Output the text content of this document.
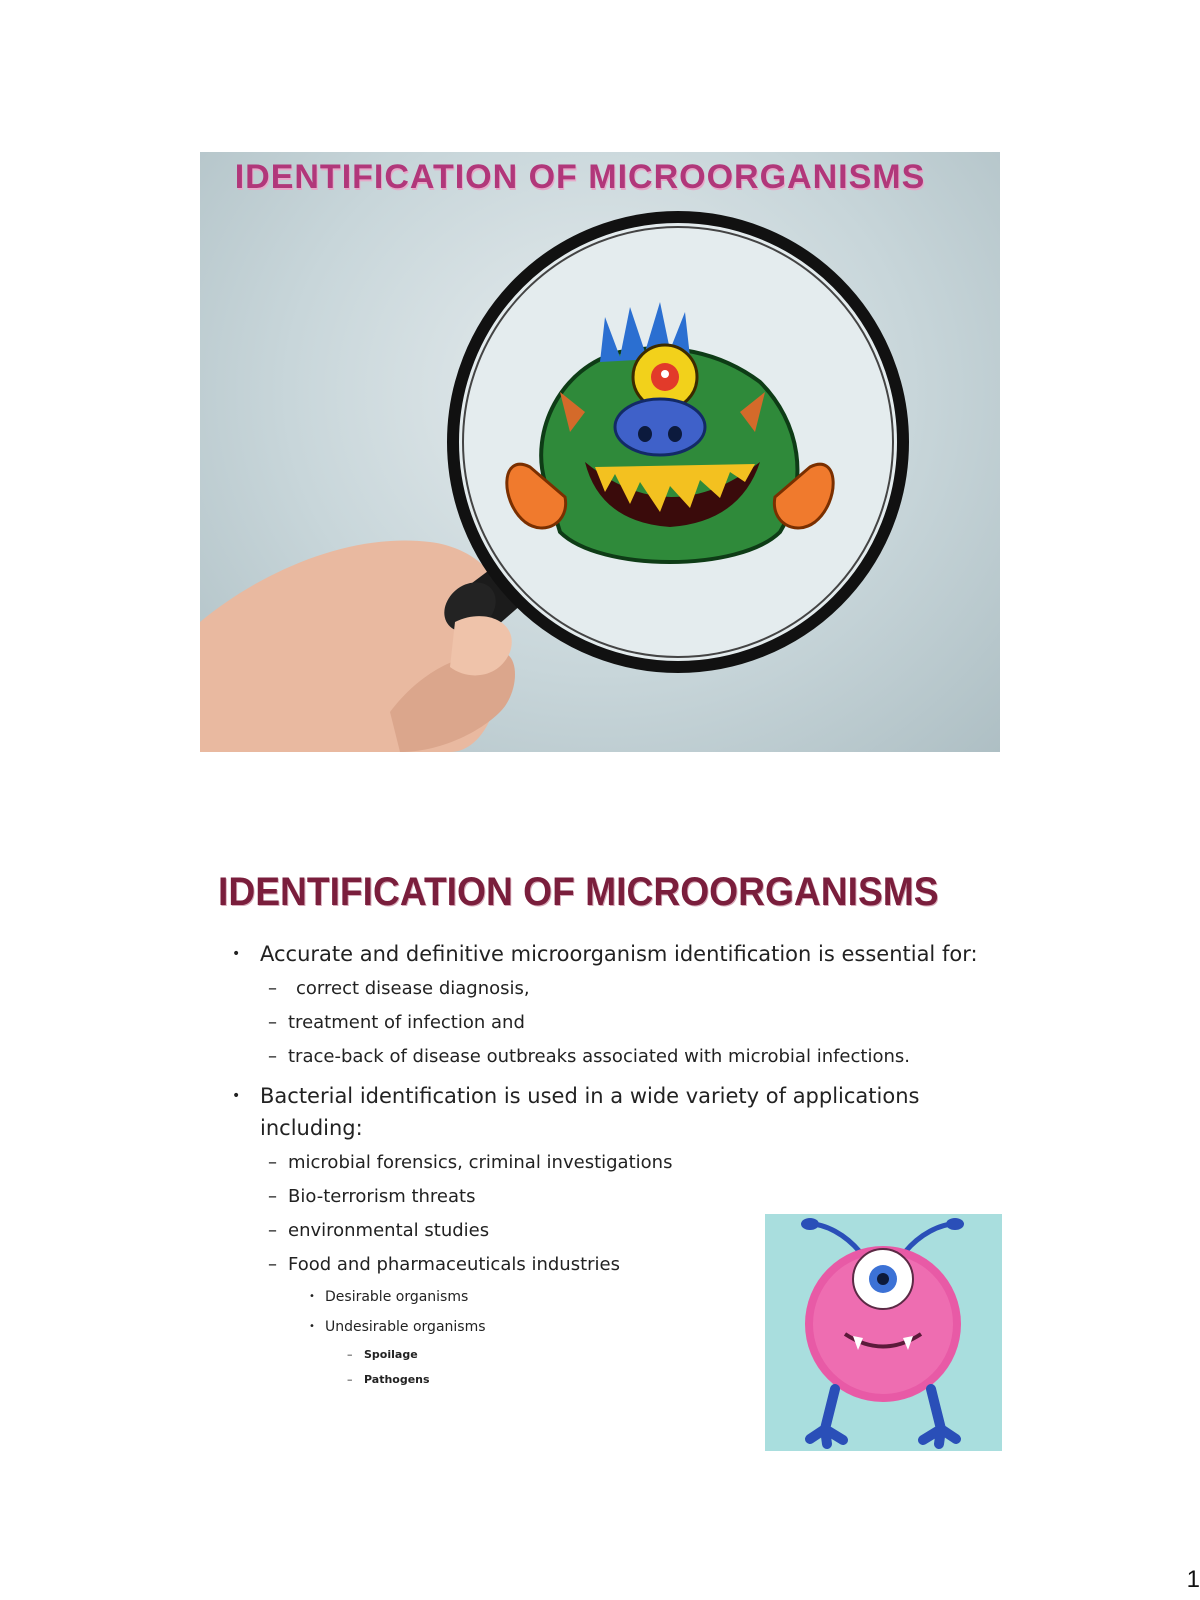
IDENTIFICATION OF MICROORGANISMS
IDENTIFICATION OF MICROORGANISMS

• Accurate and definitive microorganism identification is essential for:

– correct disease diagnosis,

– treatment of infection and

– trace-back of disease outbreaks associated with microbial infections.

• Bacterial identification is used in a wide variety of applications including:

– microbial forensics, criminal investigations

– Bio-terrorism threats

– environmental studies

– Food and pharmaceuticals industries

• Desirable organisms

• Undesirable organisms

– Spoilage

– Pathogens

1
